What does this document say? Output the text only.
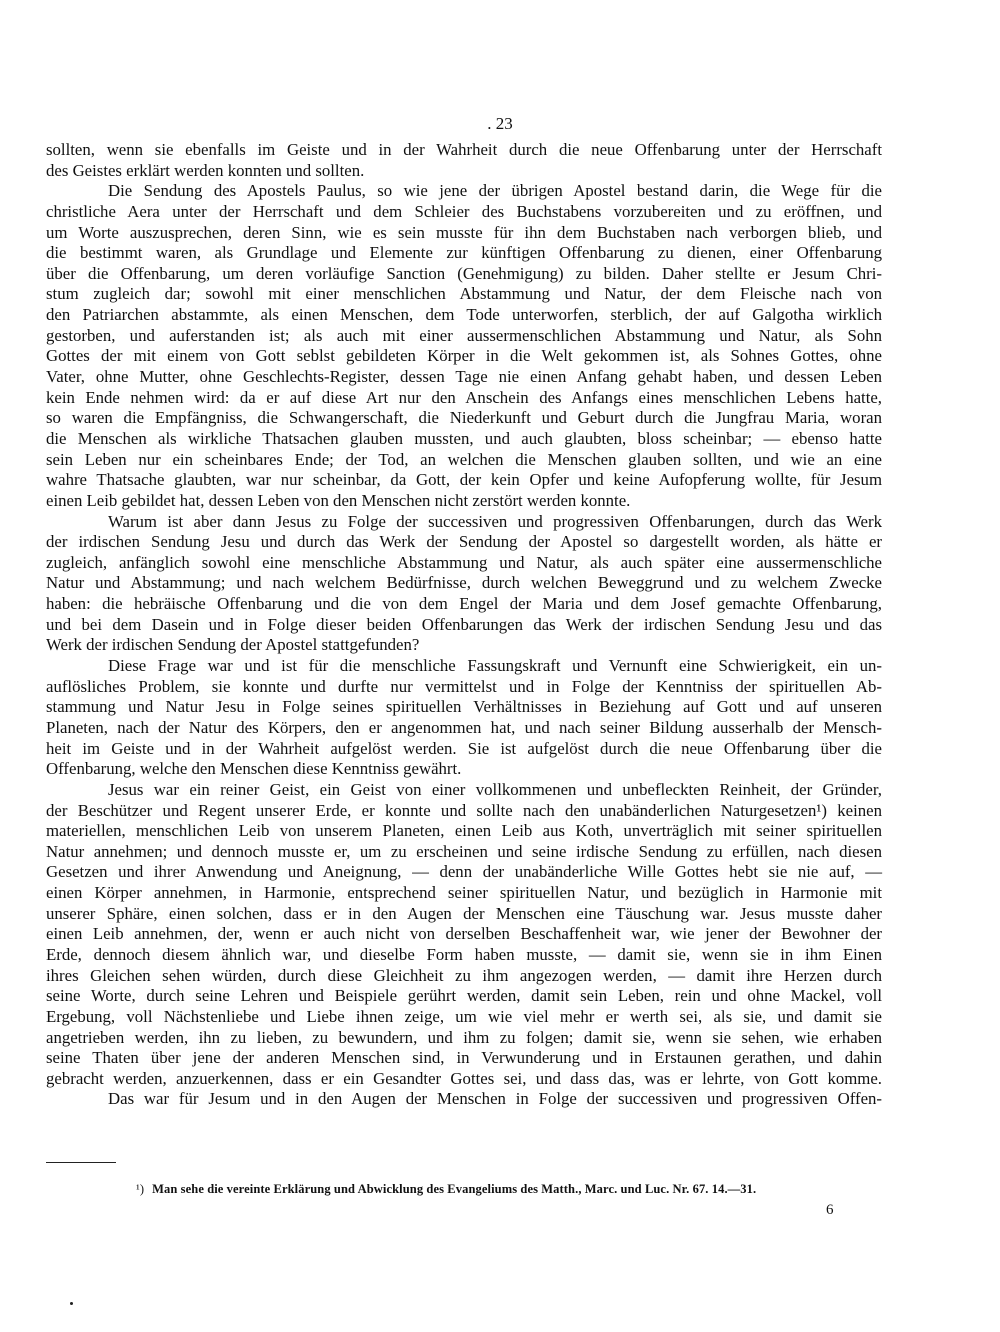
. 23
sollten, wenn sie ebenfalls im Geiste und in der Wahrheit durch die neue Offenbarung unter der Herrschaft
des Geistes erklärt werden konnten und sollten.
Die Sendung des Apostels Paulus, so wie jene der übrigen Apostel bestand darin, die Wege für die
christliche Aera unter der Herrschaft und dem Schleier des Buchstabens vorzubereiten und zu eröffnen, und
um Worte auszusprechen, deren Sinn, wie es sein musste für ihn dem Buchstaben nach verborgen blieb, und
die bestimmt waren, als Grundlage und Elemente zur künftigen Offenbarung zu dienen, einer Offenbarung
über die Offenbarung, um deren vorläufige Sanction (Genehmigung) zu bilden. Daher stellte er Jesum Chri-
stum zugleich dar; sowohl mit einer menschlichen Abstammung und Natur, der dem Fleische nach von
den Patriarchen abstammte, als einen Menschen, dem Tode unterworfen, sterblich, der auf Galgotha wirklich
gestorben, und auferstanden ist; als auch mit einer aussermenschlichen Abstammung und Natur, als Sohn
Gottes der mit einem von Gott seblst gebildeten Körper in die Welt gekommen ist, als Sohnes Gottes, ohne
Vater, ohne Mutter, ohne Geschlechts-Register, dessen Tage nie einen Anfang gehabt haben, und dessen Leben
kein Ende nehmen wird: da er auf diese Art nur den Anschein des Anfangs eines menschlichen Lebens hatte,
so waren die Empfängniss, die Schwangerschaft, die Niederkunft und Geburt durch die Jungfrau Maria, woran
die Menschen als wirkliche Thatsachen glauben mussten, und auch glaubten, bloss scheinbar; — ebenso hatte
sein Leben nur ein scheinbares Ende; der Tod, an welchen die Menschen glauben sollten, und wie an eine
wahre Thatsache glaubten, war nur scheinbar, da Gott, der kein Opfer und keine Aufopferung wollte, für Jesum
einen Leib gebildet hat, dessen Leben von den Menschen nicht zerstört werden konnte.
Warum ist aber dann Jesus zu Folge der successiven und progressiven Offenbarungen, durch das Werk
der irdischen Sendung Jesu und durch das Werk der Sendung der Apostel so dargestellt worden, als hätte er
zugleich, anfänglich sowohl eine menschliche Abstammung und Natur, als auch später eine aussermenschliche
Natur und Abstammung; und nach welchem Bedürfnisse, durch welchen Beweggrund und zu welchem Zwecke
haben: die hebräische Offenbarung und die von dem Engel der Maria und dem Josef gemachte Offenbarung,
und bei dem Dasein und in Folge dieser beiden Offenbarungen das Werk der irdischen Sendung Jesu und das
Werk der irdischen Sendung der Apostel stattgefunden?
Diese Frage war und ist für die menschliche Fassungskraft und Vernunft eine Schwierigkeit, ein un-
auflösliches Problem, sie konnte und durfte nur vermittelst und in Folge der Kenntniss der spirituellen Ab-
stammung und Natur Jesu in Folge seines spirituellen Verhältnisses in Beziehung auf Gott und auf unseren
Planeten, nach der Natur des Körpers, den er angenommen hat, und nach seiner Bildung ausserhalb der Mensch-
heit im Geiste und in der Wahrheit aufgelöst werden. Sie ist aufgelöst durch die neue Offenbarung über die
Offenbarung, welche den Menschen diese Kenntniss gewährt.
Jesus war ein reiner Geist, ein Geist von einer vollkommenen und unbefleckten Reinheit, der Gründer,
der Beschützer und Regent unserer Erde, er konnte und sollte nach den unabänderlichen Naturgesetzen¹) keinen
materiellen, menschlichen Leib von unserem Planeten, einen Leib aus Koth, unverträglich mit seiner spirituellen
Natur annehmen; und dennoch musste er, um zu erscheinen und seine irdische Sendung zu erfüllen, nach diesen
Gesetzen und ihrer Anwendung und Aneignung, — denn der unabänderliche Wille Gottes hebt sie nie auf, —
einen Körper annehmen, in Harmonie, entsprechend seiner spirituellen Natur, und bezüglich in Harmonie mit
unserer Sphäre, einen solchen, dass er in den Augen der Menschen eine Täuschung war. Jesus musste daher
einen Leib annehmen, der, wenn er auch nicht von derselben Beschaffenheit war, wie jener der Bewohner der
Erde, dennoch diesem ähnlich war, und dieselbe Form haben musste, — damit sie, wenn sie in ihm Einen
ihres Gleichen sehen würden, durch diese Gleichheit zu ihm angezogen werden, — damit ihre Herzen durch
seine Worte, durch seine Lehren und Beispiele gerührt werden, damit sein Leben, rein und ohne Mackel, voll
Ergebung, voll Nächstenliebe und Liebe ihnen zeige, um wie viel mehr er werth sei, als sie, und damit sie
angetrieben werden, ihn zu lieben, zu bewundern, und ihm zu folgen; damit sie, wenn sie sehen, wie erhaben
seine Thaten über jene der anderen Menschen sind, in Verwunderung und in Erstaunen gerathen, und dahin
gebracht werden, anzuerkennen, dass er ein Gesandter Gottes sei, und dass das, was er lehrte, von Gott komme.
Das war für Jesum und in den Augen der Menschen in Folge der successiven und progressiven Offen-
¹) Man sehe die vereinte Erklärung und Abwicklung des Evangeliums des Matth., Marc. und Luc. Nr. 67. 14.—31.
6
